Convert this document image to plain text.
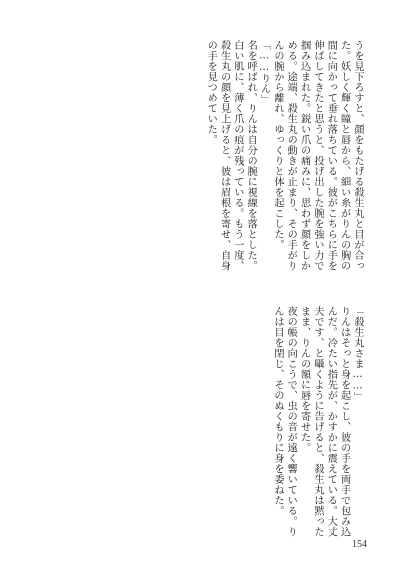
うを見下ろすと、顔をもたげる殺生丸と目が合った。妖しく輝く瞳と唇から、細い糸がりんの胸の間に向かって垂れ落ちている。彼がこちらに手を伸ばしてきたと思うと、投げ出した腕を強い力で掴み込まれた。鋭い爪の痛みに、思わず顔をしかめる。途端、殺生丸の動きが止まり、その手がりんの腕から離れ、ゆっくりと体を起こした。

「……りん」

名を呼ばれ、りんは自分の腕に視線を落とした。白い肌に、薄く爪の痕が残っている。もう一度、殺生丸の顔を見上げると、彼は眉根を寄せ、自身の手を見つめていた。

「殺生丸さま……」

りんはそっと身を起こし、彼の手を両手で包み込んだ。冷たい指先が、かすかに震えている。大丈夫です、と囁くように告げると、殺生丸は黙ったまま、りんの額に唇を寄せた。

夜の帳の向こうで、虫の音が遠く響いている。りんは目を閉じ、そのぬくもりに身を委ねた。

154
